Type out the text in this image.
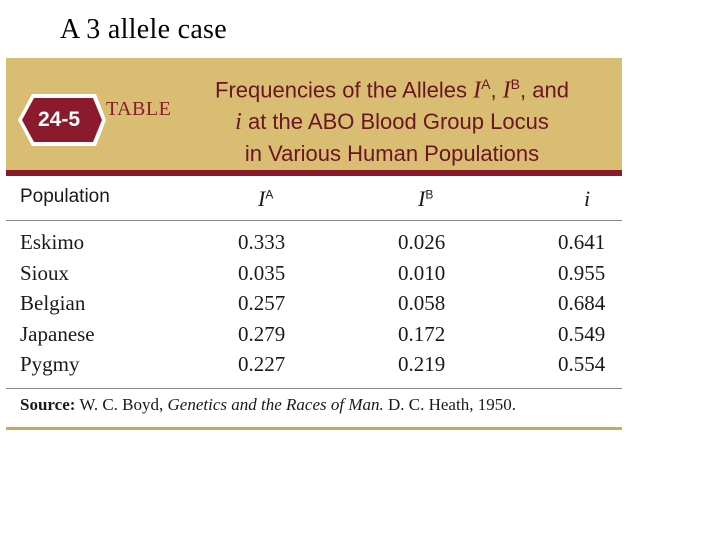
A 3 allele case
24-5	TABLE
Frequencies of the Alleles $I^A$, $I^B$, and
i at the ABO Blood Group Locus
in Various Human Populations
Population	$I^A$	$I^B$	i
Eskimo	0.333	0.026	0.641
Sioux	0.035	0.010	0.955
Belgian	0.257	0.058	0.684
Japanese	0.279	0.172	0.549
Pygmy	0.227	0.219	0.554
Source: W. C. Boyd, Genetics and the Races of Man. D. C. Heath, 1950.
